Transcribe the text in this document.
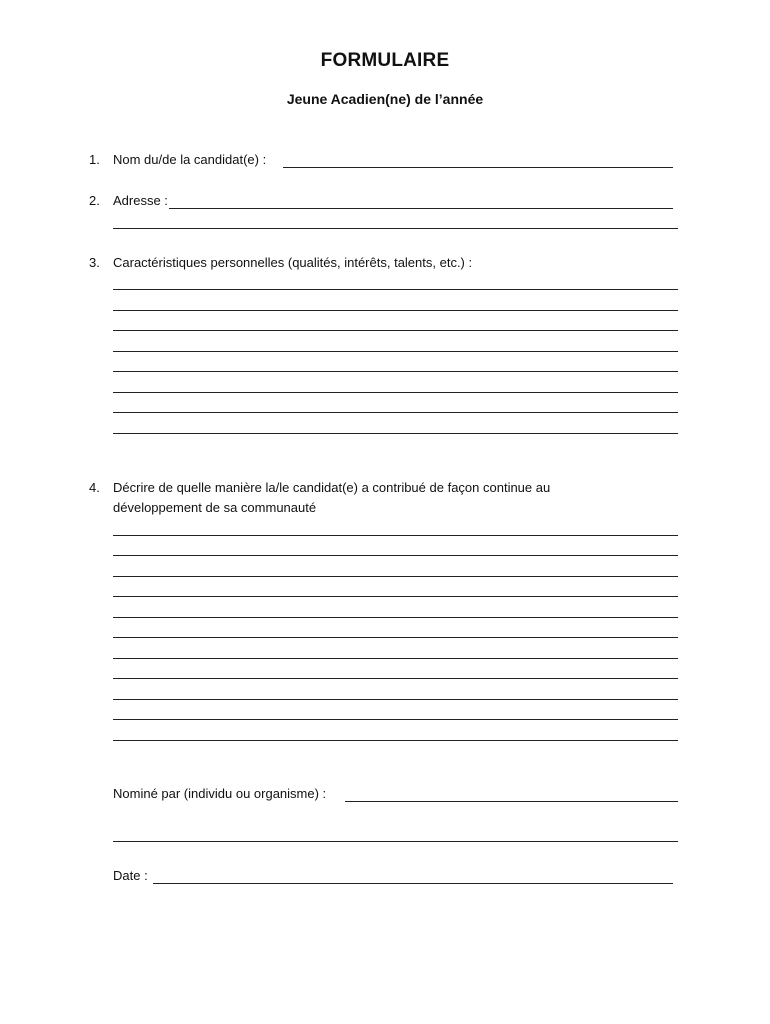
FORMULAIRE
Jeune Acadien(ne) de l’année
1. Nom du/de la candidat(e) :
2. Adresse :
3. Caractéristiques personnelles (qualités, intérêts, talents, etc.) :
4. Décrire de quelle manière la/le candidat(e) a contribué de façon continue au
développement de sa communauté
Nominé par (individu ou organisme) :
Date :
